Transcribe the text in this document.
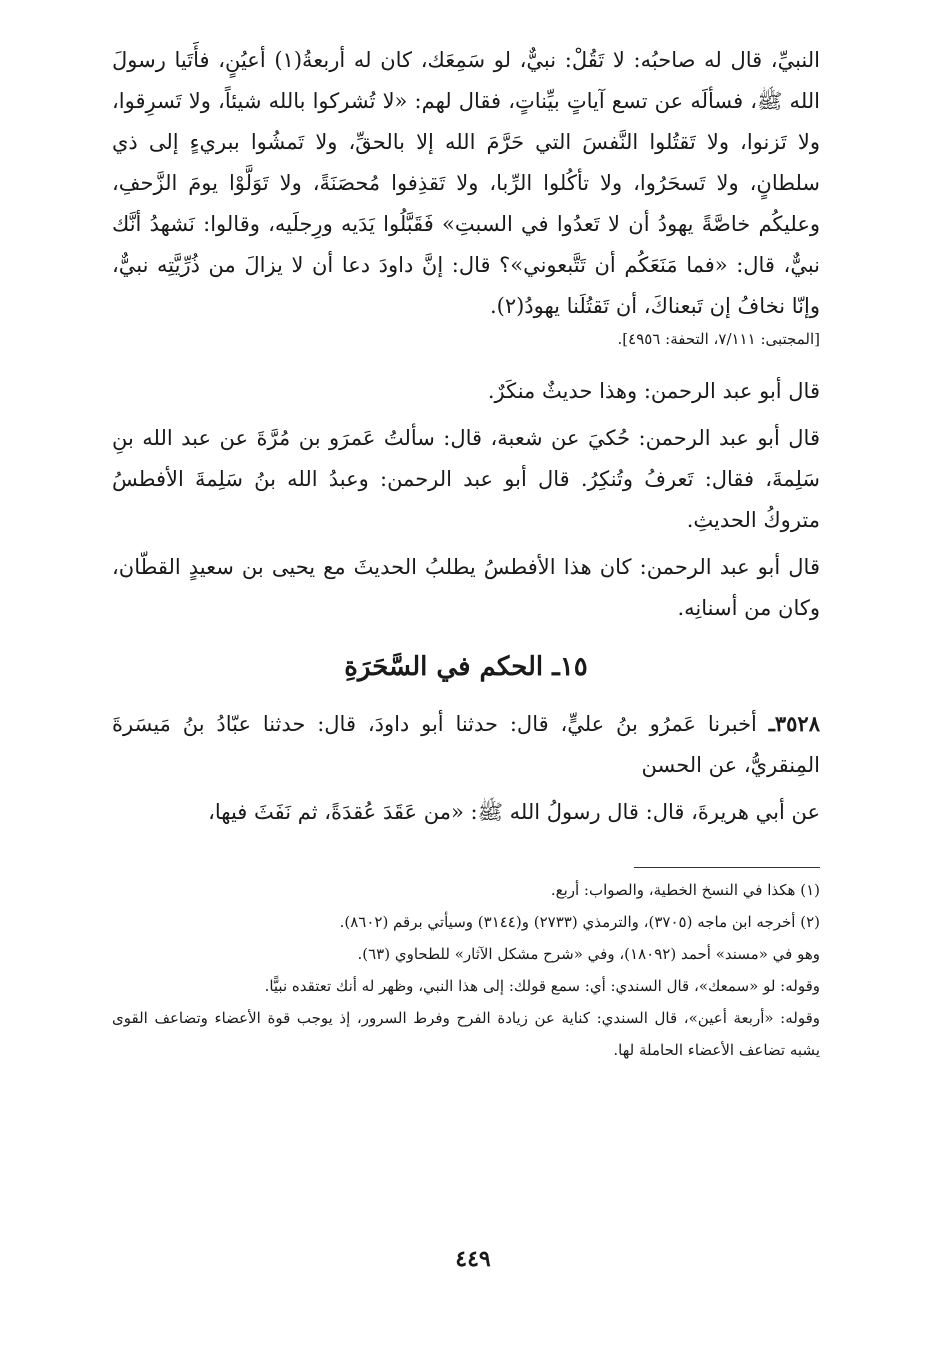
النبيِّ، قال له صاحبُه: لا تَقُلْ: نبيٌّ، لو سَمِعَك، كان له أربعةُ(١) أعيُنٍ، فأَتَيا رسولَ الله ﷺ، فسألَه عن تسع آياتٍ بيِّناتٍ، فقال لهم: «لا تُشركوا بالله شيئاً، ولا تَسرِقوا، ولا تَزنوا، ولا تَقتُلوا النَّفسَ التي حَرَّمَ الله إلا بالحقِّ، ولا تَمشُوا ببريءٍ إلى ذي سلطانٍ، ولا تَسحَرُوا، ولا تأكُلوا الرِّبا، ولا تَقذِفوا مُحصَنَةً، ولا تَوَلَّوْا يومَ الزَّحفِ، وعليكُم خاصَّةً يهودُ أن لا تَعدُوا في السبتِ» فَقَبَّلُوا يَدَيه ورِجلَيه، وقالوا: نَشهدُ أنَّك نبيٌّ، قال: «فما مَنَعَكُم أن تَتَّبعوني»؟ قال: إنَّ داودَ دعا أن لا يزالَ من ذُرِّيَّتِه نبيٌّ، وإنّا نخافُ إن تَبعناكَ، أن تَقتُلَنا يهودُ(٢).

[المجتبى: ٧/١١١، التحفة: ٤٩٥٦].

قال أبو عبد الرحمن: وهذا حديثٌ منكَرٌ.

قال أبو عبد الرحمن: حُكيَ عن شعبة، قال: سألتُ عَمرَو بن مُرَّةَ عن عبد الله بنِ سَلِمةَ، فقال: تَعرفُ وتُنكِرُ. قال أبو عبد الرحمن: وعبدُ الله بنُ سَلِمةَ الأفطسُ متروكُ الحديثِ.

قال أبو عبد الرحمن: كان هذا الأفطسُ يطلبُ الحديثَ مع يحيى بن سعيدٍ القطّان، وكان من أسنانِه.

١٥ـ الحكم في السَّحَرَةِ

٣٥٢٨ـ أخبرنا عَمرُو بنُ عليٍّ، قال: حدثنا أبو داودَ، قال: حدثنا عبّادُ بنُ مَيسَرةَ المِنقريُّ، عن الحسن

عن أبي هريرةَ، قال: قال رسولُ الله ﷺ: «من عَقَدَ عُقدَةً، ثم نَفَثَ فيها،

(١) هكذا في النسخ الخطية، والصواب: أربع.

(٢) أخرجه ابن ماجه (٣٧٠٥)، والترمذي (٢٧٣٣) و(٣١٤٤) وسيأتي برقم (٨٦٠٢).

وهو في «مسند» أحمد (١٨٠٩٢)، وفي «شرح مشكل الآثار» للطحاوي (٦٣).

وقوله: لو «سمعك»، قال السندي: أي: سمع قولك: إلى هذا النبي، وظهر له أنك تعتقده نبيًّا.

وقوله: «أربعة أعين»، قال السندي: كناية عن زيادة الفرح وفرط السرور، إذ يوجب قوة الأعضاء وتضاعف القوى يشبه تضاعف الأعضاء الحاملة لها.

٤٤٩
